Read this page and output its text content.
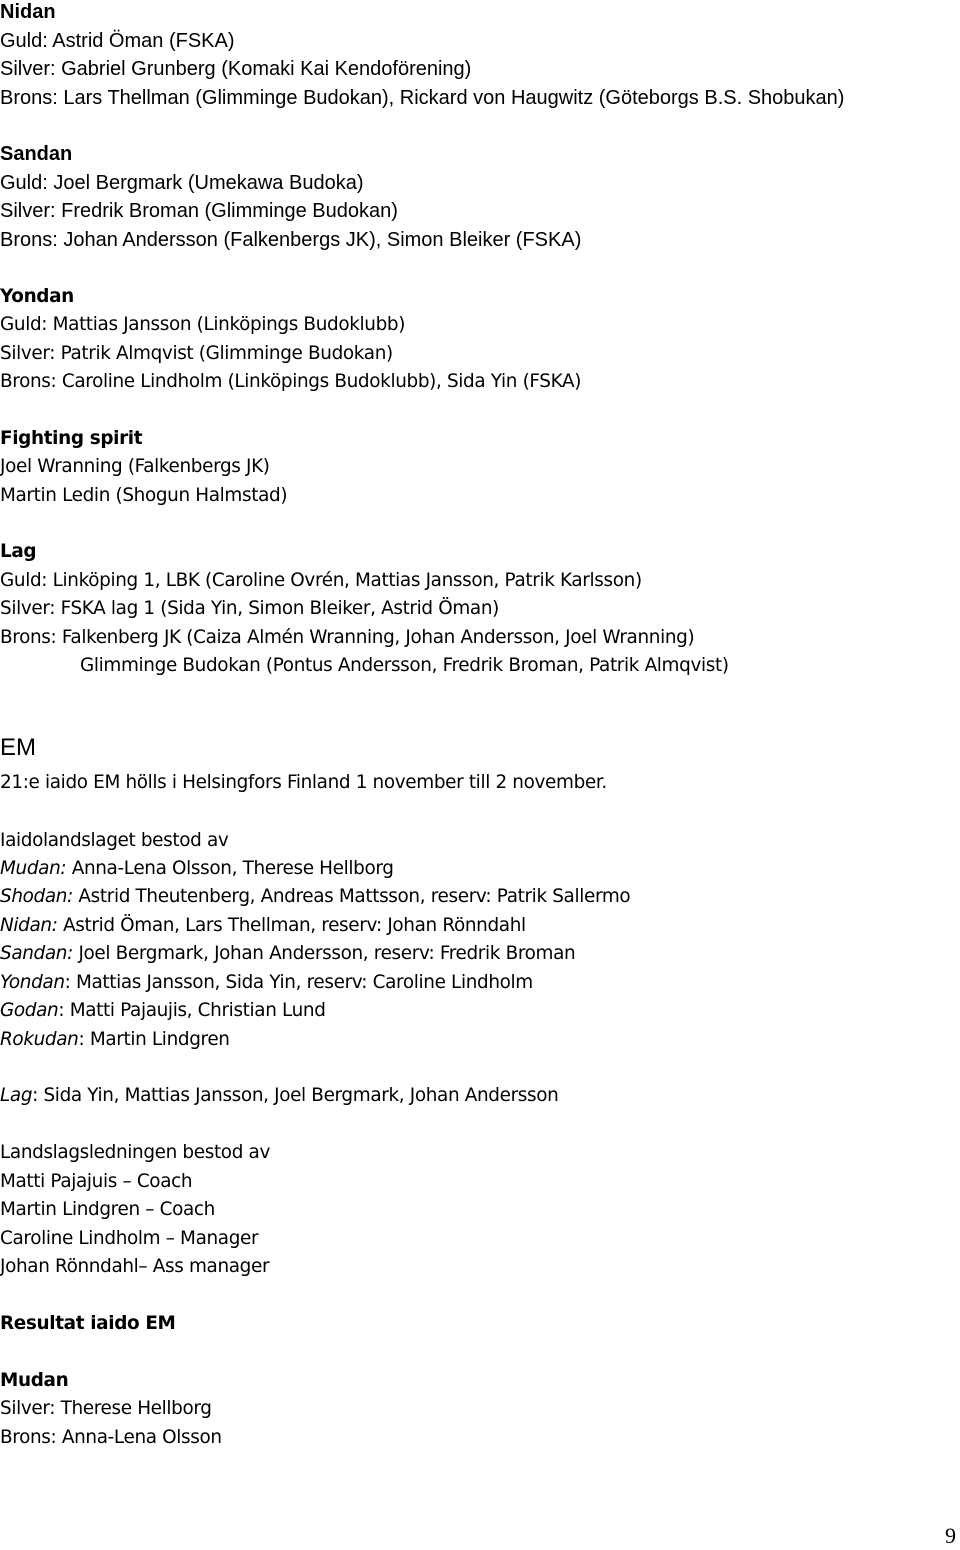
Nidan
Guld: Astrid Öman (FSKA)
Silver: Gabriel Grunberg (Komaki Kai Kendoförening)
Brons: Lars Thellman (Glimminge Budokan), Rickard von Haugwitz (Göteborgs B.S. Shobukan)
Sandan
Guld: Joel Bergmark (Umekawa Budoka)
Silver: Fredrik Broman (Glimminge Budokan)
Brons: Johan Andersson (Falkenbergs JK), Simon Bleiker (FSKA)
Yondan
Guld: Mattias Jansson (Linköpings Budoklubb)
Silver: Patrik Almqvist (Glimminge Budokan)
Brons: Caroline Lindholm (Linköpings Budoklubb), Sida Yin (FSKA)
Fighting spirit
Joel Wranning (Falkenbergs JK)
Martin Ledin (Shogun Halmstad)
Lag
Guld: Linköping 1, LBK (Caroline Ovrén, Mattias Jansson, Patrik Karlsson)
Silver: FSKA lag 1 (Sida Yin, Simon Bleiker, Astrid Öman)
Brons: Falkenberg JK (Caiza Almén Wranning, Johan Andersson, Joel Wranning)
Glimminge Budokan (Pontus Andersson, Fredrik Broman, Patrik Almqvist)
EM
21:e iaido EM hölls i Helsingfors Finland 1 november till 2 november.
Iaidolandslaget bestod av
Mudan: Anna-Lena Olsson, Therese Hellborg
Shodan: Astrid Theutenberg, Andreas Mattsson, reserv: Patrik Sallermo
Nidan: Astrid Öman, Lars Thellman, reserv: Johan Rönndahl
Sandan: Joel Bergmark, Johan Andersson, reserv: Fredrik Broman
Yondan: Mattias Jansson, Sida Yin, reserv: Caroline Lindholm
Godan: Matti Pajaujis, Christian Lund
Rokudan: Martin Lindgren
Lag: Sida Yin, Mattias Jansson, Joel Bergmark, Johan Andersson
Landslagsledningen bestod av
Matti Pajajuis – Coach
Martin Lindgren – Coach
Caroline Lindholm – Manager
Johan Rönndahl– Ass manager
Resultat iaido EM
Mudan
Silver: Therese Hellborg
Brons: Anna-Lena Olsson
9
